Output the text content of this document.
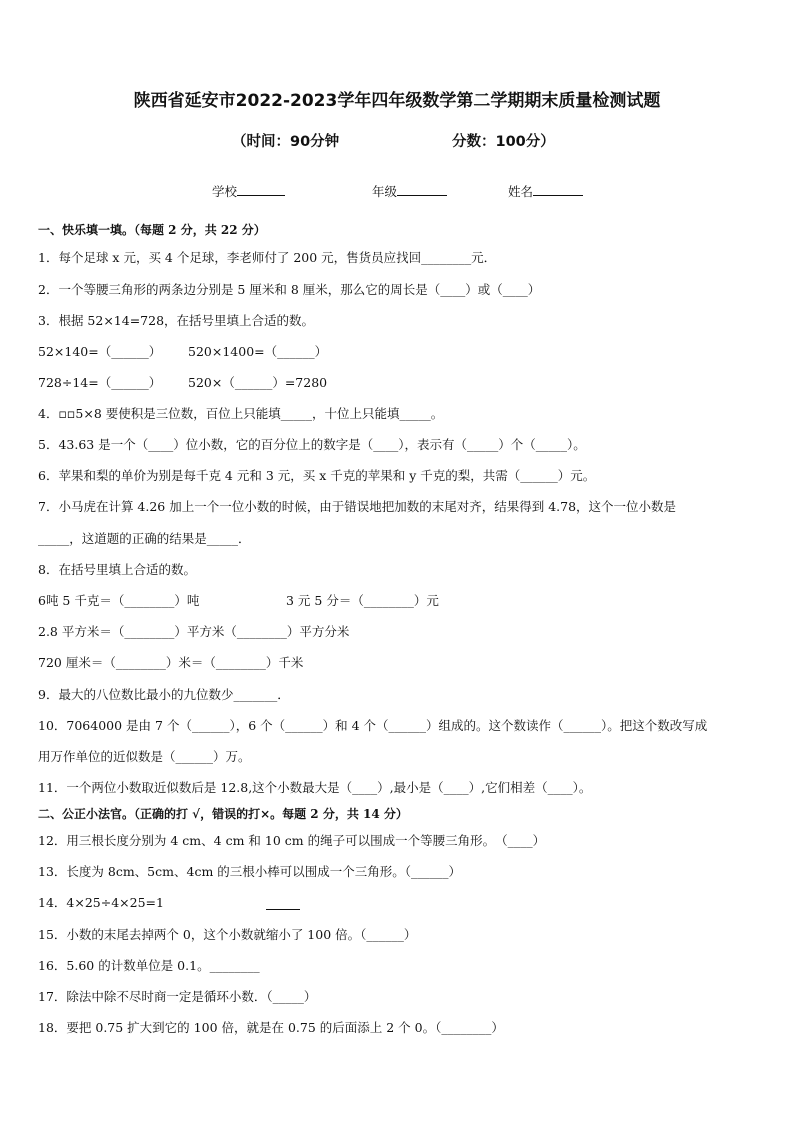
陕西省延安市2022-2023学年四年级数学第二学期期末质量检测试题
（时间：90分钟	分数：100分）
学校	年级	姓名
一、快乐填一填。（每题 2 分，共 22 分）
1．每个足球 x 元，买 4 个足球，李老师付了 200 元，售货员应找回________元．
2．一个等腰三角形的两条边分别是 5 厘米和 8 厘米，那么它的周长是（____）或（____）
3．根据 52×14=728，在括号里填上合适的数。
52×140=（______） 520×1400=（______）
728÷14=（______） 520×（______）=7280
4．▫▫5×8 要使积是三位数，百位上只能填_____，十位上只能填_____。
5．43.63 是一个（____）位小数，它的百分位上的数字是（____），表示有（_____）个（_____）。
6．苹果和梨的单价为别是每千克 4 元和 3 元，买 x 千克的苹果和 y 千克的梨，共需（______）元。
7．小马虎在计算 4.26 加上一个一位小数的时候，由于错误地把加数的末尾对齐，结果得到 4.78，这个一位小数是
_____，这道题的正确的结果是_____．
8．在括号里填上合适的数。
6吨 5 千克＝（________）吨	3 元 5 分＝（________）元
2.8 平方米＝（________）平方米（________）平方分米
720 厘米＝（________）米＝（________）千米
9．最大的八位数比最小的九位数少_______．
10．7064000 是由 7 个（______），6 个（______）和 4 个（______）组成的。这个数读作（______）。把这个数改写成
用万作单位的近似数是（______）万。
11．一个两位小数取近似数后是 12.8,这个小数最大是（____）,最小是（____）,它们相差（____）。
二、公正小法官。（正确的打 √，错误的打×。每题 2 分，共 14 分）
12．用三根长度分别为 4 cm、4 cm 和 10 cm 的绳子可以围成一个等腰三角形。　（____）
13．长度为 8cm、5cm、4cm 的三根小棒可以围成一个三角形。（______）
14．4×25÷4×25=1
15．小数的末尾去掉两个 0，这个小数就缩小了 100 倍。（______）
16．5.60 的计数单位是 0.1。________
17．除法中除不尽时商一定是循环小数．（_____）
18．要把 0.75 扩大到它的 100 倍，就是在 0.75 的后面添上 2 个 0。（________）
